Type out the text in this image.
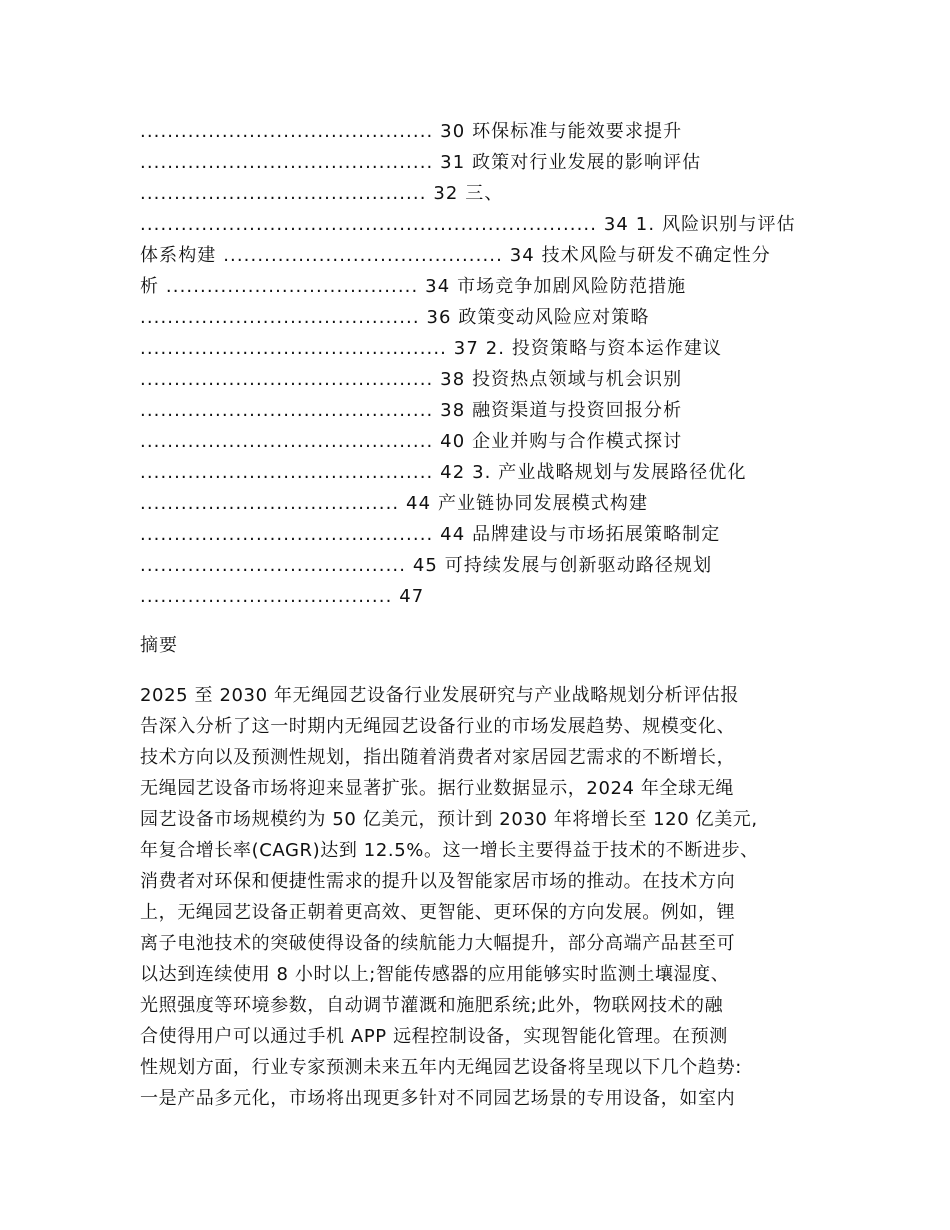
........................................... 30 环保标准与能效要求提升
........................................... 31 政策对行业发展的影响评估
.......................................... 32 三、
................................................................... 34 1. 风险识别与评估
体系构建 ......................................... 34 技术风险与研发不确定性分
析 ..................................... 34 市场竞争加剧风险防范措施
......................................... 36 政策变动风险应对策略
............................................. 37 2. 投资策略与资本运作建议
........................................... 38 投资热点领域与机会识别
........................................... 38 融资渠道与投资回报分析
........................................... 40 企业并购与合作模式探讨
........................................... 42 3. 产业战略规划与发展路径优化
...................................... 44 产业链协同发展模式构建
........................................... 44 品牌建设与市场拓展策略制定
....................................... 45 可持续发展与创新驱动路径规划
..................................... 47
摘要
2025 至 2030 年无绳园艺设备行业发展研究与产业战略规划分析评估报
告深入分析了这一时期内无绳园艺设备行业的市场发展趋势、规模变化、
技术方向以及预测性规划，指出随着消费者对家居园艺需求的不断增长，
无绳园艺设备市场将迎来显著扩张。据行业数据显示，2024 年全球无绳
园艺设备市场规模约为 50 亿美元，预计到 2030 年将增长至 120 亿美元,
年复合增长率(CAGR)达到 12.5%。这一增长主要得益于技术的不断进步、
消费者对环保和便捷性需求的提升以及智能家居市场的推动。在技术方向
上，无绳园艺设备正朝着更高效、更智能、更环保的方向发展。例如，锂
离子电池技术的突破使得设备的续航能力大幅提升，部分高端产品甚至可
以达到连续使用 8 小时以上;智能传感器的应用能够实时监测土壤湿度、
光照强度等环境参数，自动调节灌溉和施肥系统;此外，物联网技术的融
合使得用户可以通过手机 APP 远程控制设备，实现智能化管理。在预测
性规划方面，行业专家预测未来五年内无绳园艺设备将呈现以下几个趋势:
一是产品多元化，市场将出现更多针对不同园艺场景的专用设备，如室内
